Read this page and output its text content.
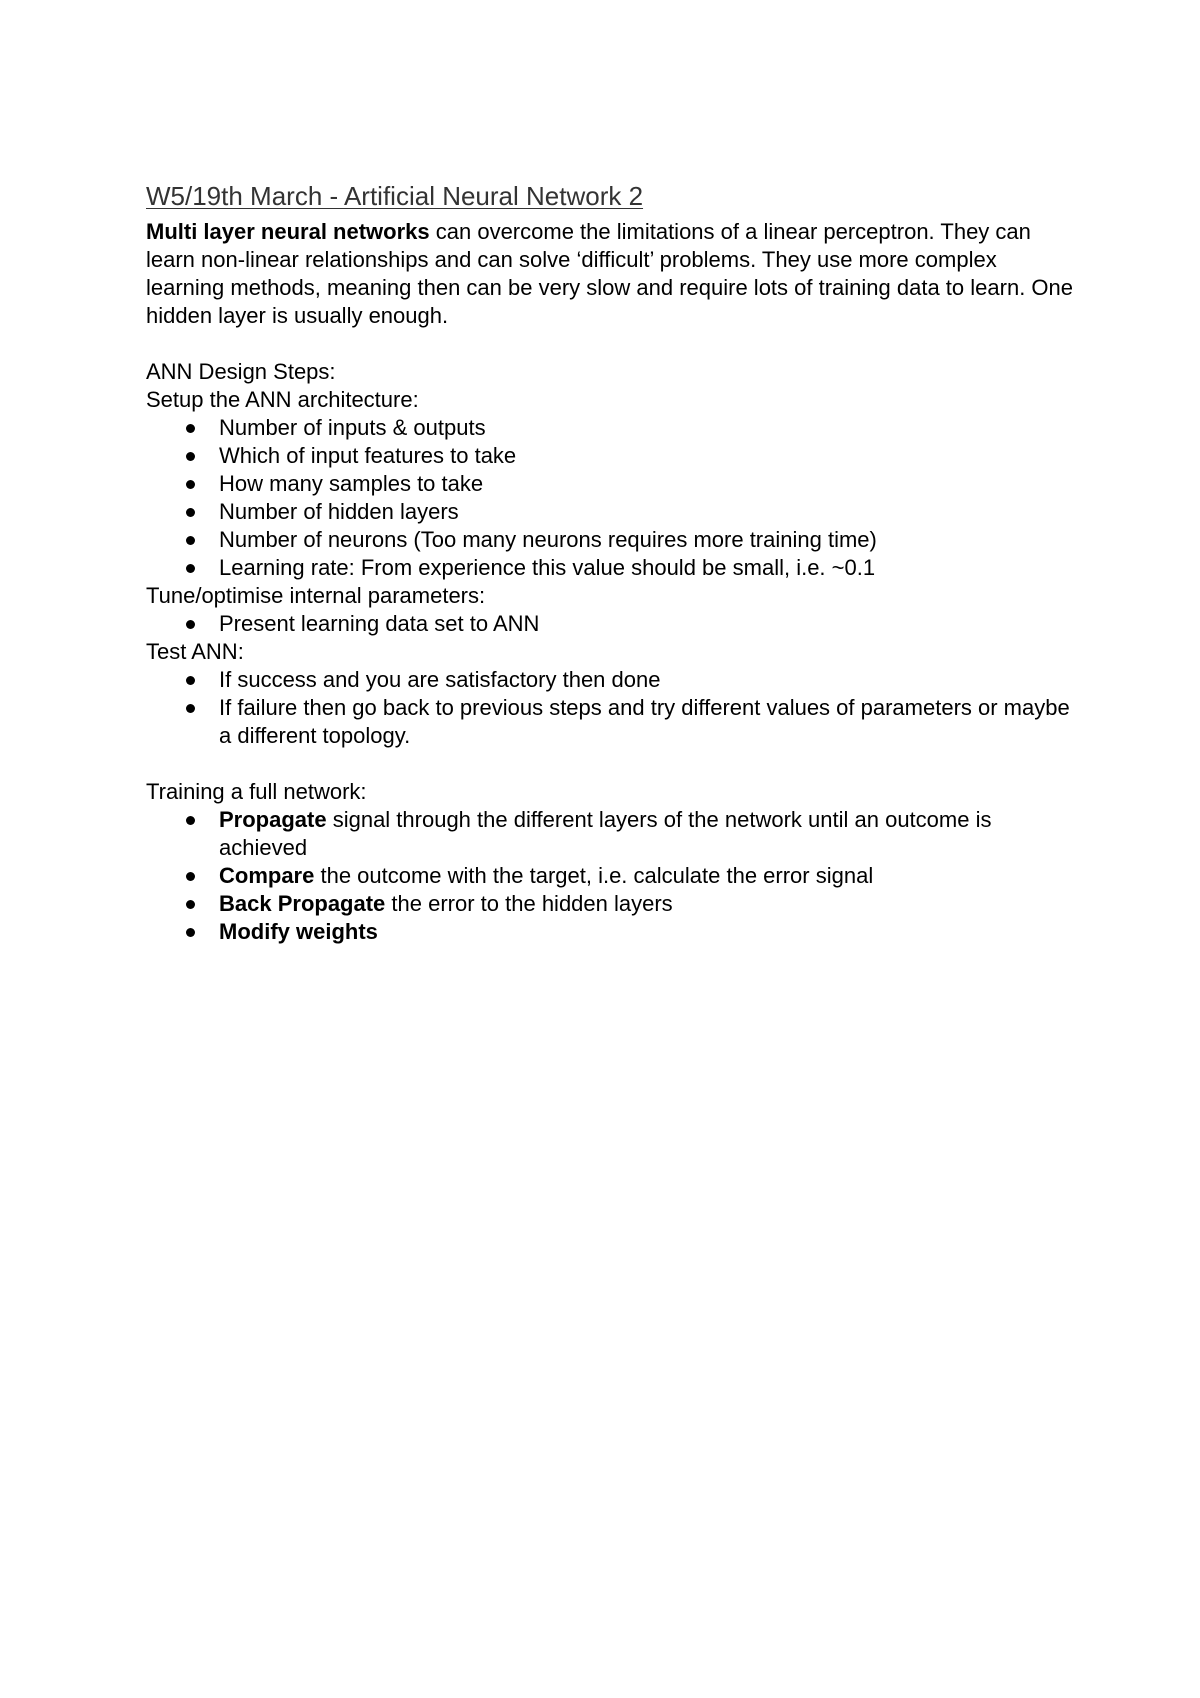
W5/19th March - Artificial Neural Network 2

Multi layer neural networks can overcome the limitations of a linear perceptron. They can learn non-linear relationships and can solve ‘difficult’ problems. They use more complex learning methods, meaning then can be very slow and require lots of training data to learn. One hidden layer is usually enough.

ANN Design Steps:

Setup the ANN architecture:

Number of inputs & outputs
Which of input features to take
How many samples to take
Number of hidden layers
Number of neurons (Too many neurons requires more training time)
Learning rate: From experience this value should be small, i.e. ~0.1

Tune/optimise internal parameters:

Present learning data set to ANN

Test ANN:

If success and you are satisfactory then done
If failure then go back to previous steps and try different values of parameters or maybe a different topology.

Training a full network:

Propagate signal through the different layers of the network until an outcome is achieved
Compare the outcome with the target, i.e. calculate the error signal
Back Propagate the error to the hidden layers
Modify weights
